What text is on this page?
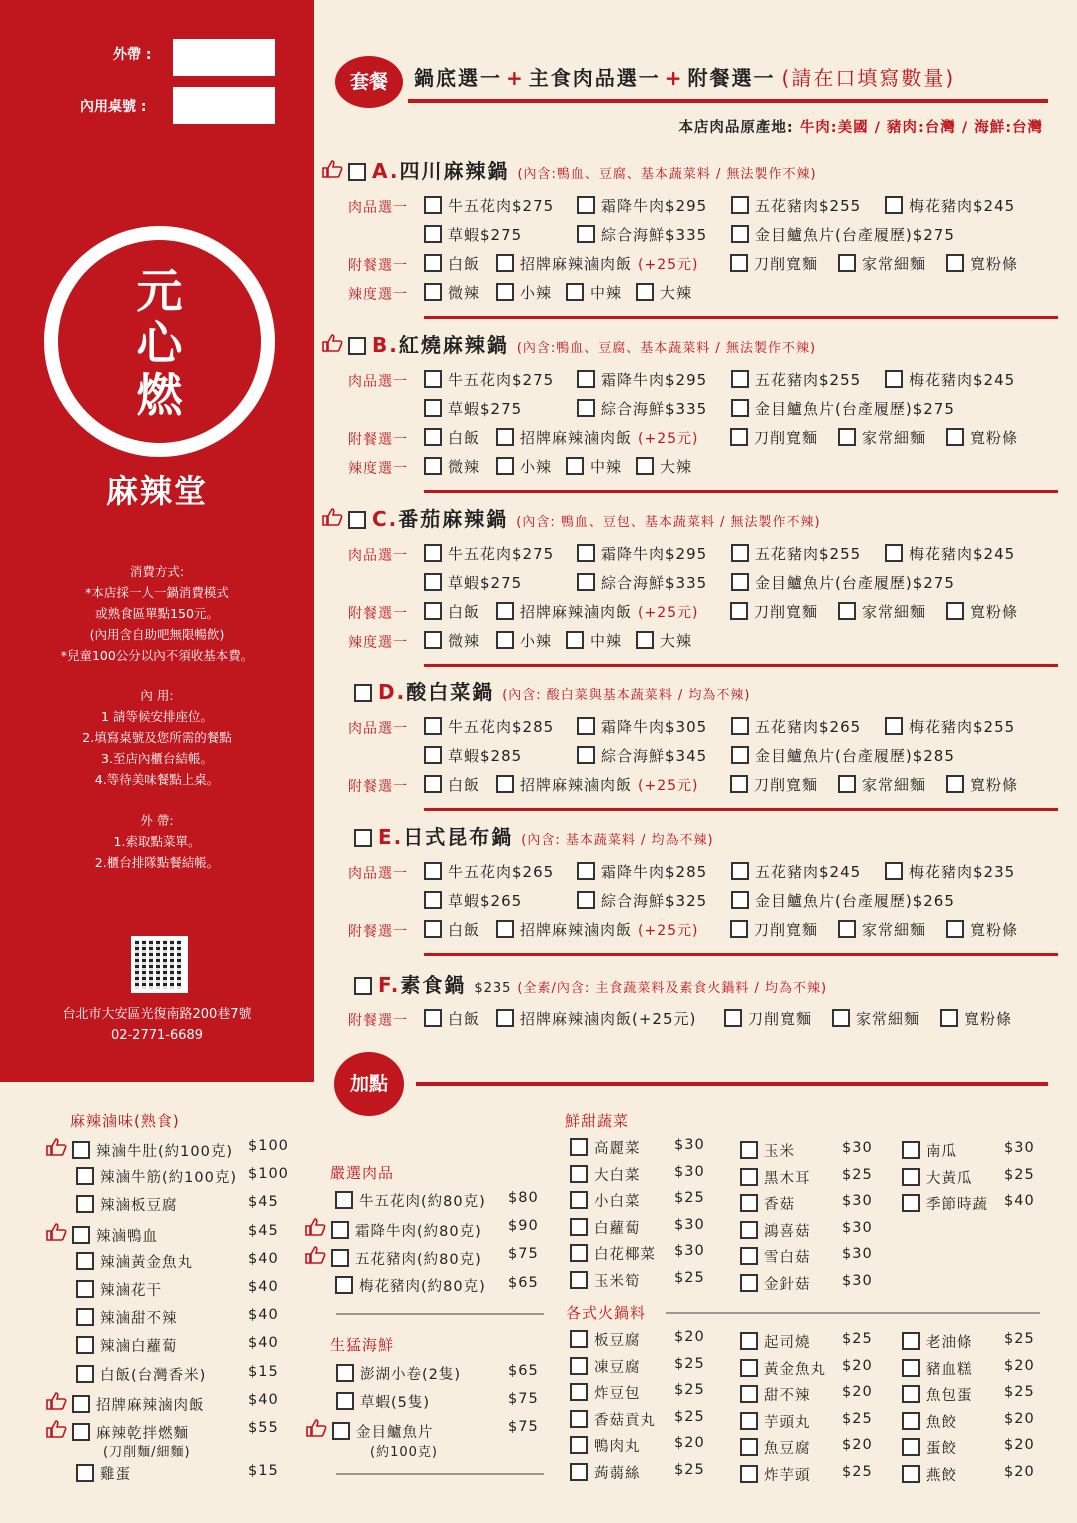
外帶 :
內用桌號 :
元
心
燃
麻辣堂
消費方式:
*本店採一人一鍋消費模式
或熟食區單點150元。
(內用含自助吧無限暢飲)
*兒童100公分以內不須收基本費。
內 用:
1 請等候安排座位。
2.填寫桌號及您所需的餐點
3.至店內櫃台結帳。
4.等待美味餐點上桌。
外 帶:
1.索取點菜單。
2.櫃台排隊點餐結帳。
台北市大安區光復南路200巷7號
02-2771-6689
套餐	鍋底選一 + 主食肉品選一 + 附餐選一 (請在口填寫數量)
本店肉品原產地: 牛肉:美國 / 豬肉:台灣 / 海鮮:台灣
A.四川麻辣鍋 (內含:鴨血、豆腐、基本蔬菜料 / 無法製作不辣)
肉品選一	牛五花肉$275	霜降牛肉$295	五花豬肉$255	梅花豬肉$245
草蝦$275	綜合海鮮$335	金目鱸魚片(台產履歷)$275
附餐選一	白飯	招牌麻辣滷肉飯 (+25元)	刀削寬麵	家常細麵	寬粉條
辣度選一	微辣	小辣	中辣	大辣
B.紅燒麻辣鍋 (內含:鴨血、豆腐、基本蔬菜料 / 無法製作不辣)
肉品選一	牛五花肉$275	霜降牛肉$295	五花豬肉$255	梅花豬肉$245
草蝦$275	綜合海鮮$335	金目鱸魚片(台產履歷)$275
附餐選一	白飯	招牌麻辣滷肉飯 (+25元)	刀削寬麵	家常細麵	寬粉條
辣度選一	微辣	小辣	中辣	大辣
C.番茄麻辣鍋 (內含: 鴨血、豆包、基本蔬菜料 / 無法製作不辣)
肉品選一	牛五花肉$275	霜降牛肉$295	五花豬肉$255	梅花豬肉$245
草蝦$275	綜合海鮮$335	金目鱸魚片(台產履歷)$275
附餐選一	白飯	招牌麻辣滷肉飯 (+25元)	刀削寬麵	家常細麵	寬粉條
辣度選一	微辣	小辣	中辣	大辣
D.酸白菜鍋 (內含: 酸白菜與基本蔬菜料 / 均為不辣)
肉品選一	牛五花肉$285	霜降牛肉$305	五花豬肉$265	梅花豬肉$255
草蝦$285	綜合海鮮$345	金目鱸魚片(台產履歷)$285
附餐選一	白飯	招牌麻辣滷肉飯 (+25元)	刀削寬麵	家常細麵	寬粉條
E.日式昆布鍋 (內含: 基本蔬菜料 / 均為不辣)
肉品選一	牛五花肉$265	霜降牛肉$285	五花豬肉$245	梅花豬肉$235
草蝦$265	綜合海鮮$325	金目鱸魚片(台產履歷)$265
附餐選一	白飯	招牌麻辣滷肉飯 (+25元)	刀削寬麵	家常細麵	寬粉條
F.素食鍋 $235 (全素/內含: 主食蔬菜料及素食火鍋料 / 均為不辣)
附餐選一	白飯	招牌麻辣滷肉飯(+25元)	刀削寬麵	家常細麵	寬粉條
加點
麻辣滷味(熟食)
辣滷牛肚(約100克) $100
辣滷牛筋(約100克) $100
辣滷板豆腐	$45
辣滷鴨血	$45
辣滷黃金魚丸	$40
辣滷花干	$40
辣滷甜不辣	$40
辣滷白蘿蔔	$40
白飯(台灣香米)	$15
招牌麻辣滷肉飯	$40
麻辣乾拌燃麵	$55
雞蛋	$15
(刀削麵/細麵)
嚴選肉品
牛五花肉(約80克) $80
霜降牛肉(約80克) $90
五花豬肉(約80克) $75
梅花豬肉(約80克) $65
生猛海鮮
澎湖小卷(2隻)	$65
草蝦(5隻)	$75
金目鱸魚片	$75
(約100克)
鮮甜蔬菜
高麗菜 $30
大白菜 $30
小白菜 $25
白蘿蔔 $30
白花椰菜 $30
玉米筍 $25
玉米	$30
黑木耳 $25
香菇	$30
鴻喜菇 $30
雪白菇 $30
金針菇 $30
南瓜	$30
大黃瓜 $25
季節時蔬 $40
各式火鍋料
板豆腐 $20
凍豆腐 $25
炸豆包 $25
香菇貢丸 $25
鴨肉丸 $20
蒟蒻絲 $25
起司燒 $25
黃金魚丸 $20
甜不辣 $20
芋頭丸 $25
魚豆腐 $20
炸芋頭 $25
老油條 $25
豬血糕 $20
魚包蛋 $25
魚餃	$20
蛋餃	$20
燕餃	$20
